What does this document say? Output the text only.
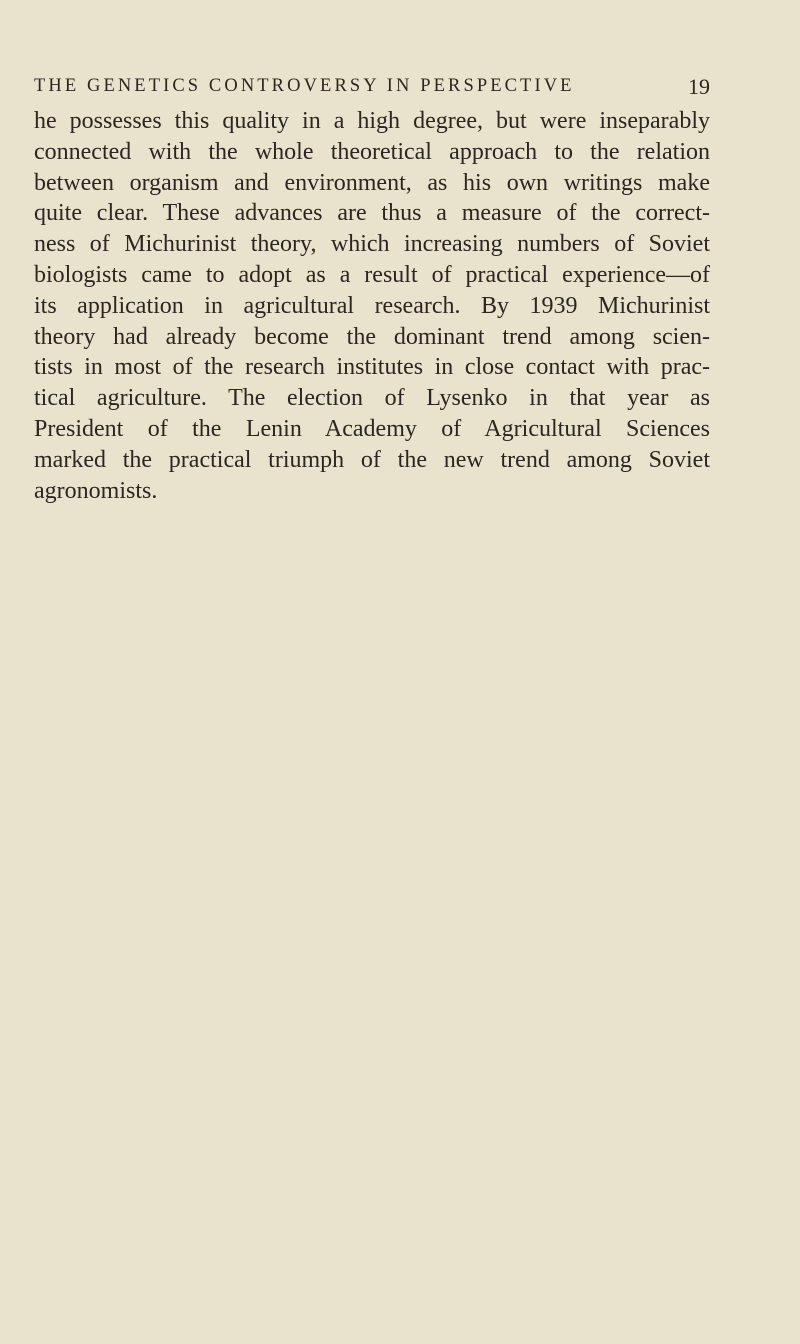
THE GENETICS CONTROVERSY IN PERSPECTIVE	19
he possesses this quality in a high degree, but were inseparably
connected with the whole theoretical approach to the relation
between organism and environment, as his own writings make
quite clear. These advances are thus a measure of the correct-
ness of Michurinist theory, which increasing numbers of Soviet
biologists came to adopt as a result of practical experience—of
its application in agricultural research. By 1939 Michurinist
theory had already become the dominant trend among scien-
tists in most of the research institutes in close contact with prac-
tical agriculture. The election of Lysenko in that year as
President of the Lenin Academy of Agricultural Sciences
marked the practical triumph of the new trend among Soviet
agronomists.
